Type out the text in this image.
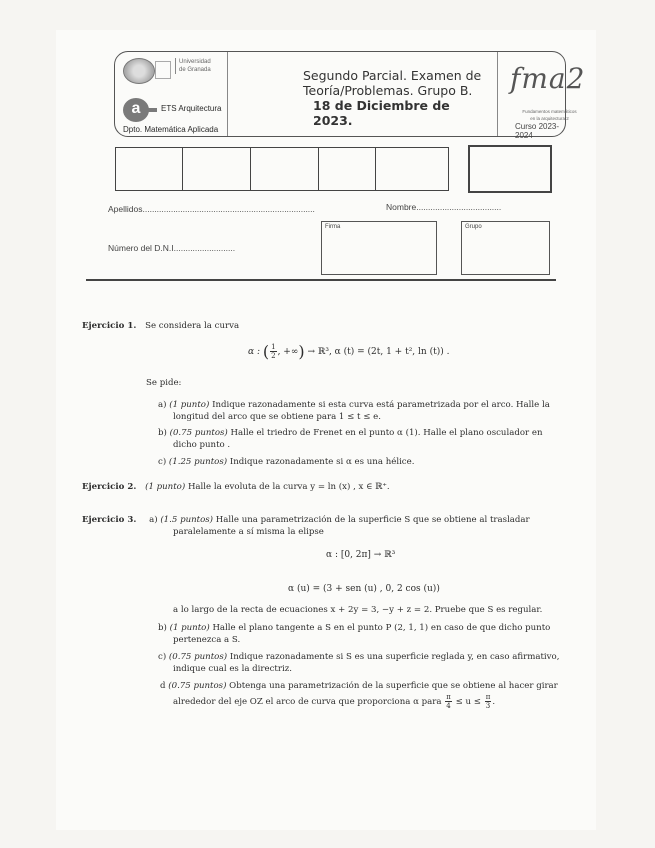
Universidad de Granada
a	ETS Arquitectura
Dpto. Matemática Aplicada
Segundo Parcial. Examen de
Teoría/Problemas. Grupo B.
18 de Diciembre de 2023.
fma2
Fundamentos matemáticos
en la arquitectura 2
Curso 2023-2024
Apellidos.........................................................................	Nombre....................................
Firma	Grupo
Número del D.N.I..........................
Ejercicio 1. Se considera la curva
α : ( $\frac{1}{2}$ , +∞) → ℝ³, α (t) = (2t, 1 + t², ln (t)) .
Se pide:
a) (1 punto) Indique razonadamente si esta curva está parametrizada por el arco. Halle la
longitud del arco que se obtiene para 1 ≤ t ≤ e.
b) (0.75 puntos) Halle el triedro de Frenet en el punto α (1). Halle el plano osculador en
dicho punto .
c) (1.25 puntos) Indique razonadamente si α es una hélice.
Ejercicio 2. (1 punto) Halle la evoluta de la curva y = ln (x) , x ∈ ℝ⁺.
Ejercicio 3. a) (1.5 puntos) Halle una parametrización de la superficie S que se obtiene al trasladar
paralelamente a sí misma la elipse
α : [0, 2π] → ℝ³
α (u) = (3 + sen (u) , 0, 2 cos (u))
a lo largo de la recta de ecuaciones x + 2y = 3, −y + z = 2. Pruebe que S es regular.
b) (1 punto) Halle el plano tangente a S en el punto P (2, 1, 1) en caso de que dicho punto
pertenezca a S.
c) (0.75 puntos) Indique razonadamente si S es una superficie reglada y, en caso afirmativo,
indique cual es la directriz.
d (0.75 puntos) Obtenga una parametrización de la superficie que se obtiene al hacer girar
alrededor del eje OZ el arco de curva que proporciona α para $\frac{\pi}{4} \le u \le \frac{\pi}{3}$ .
